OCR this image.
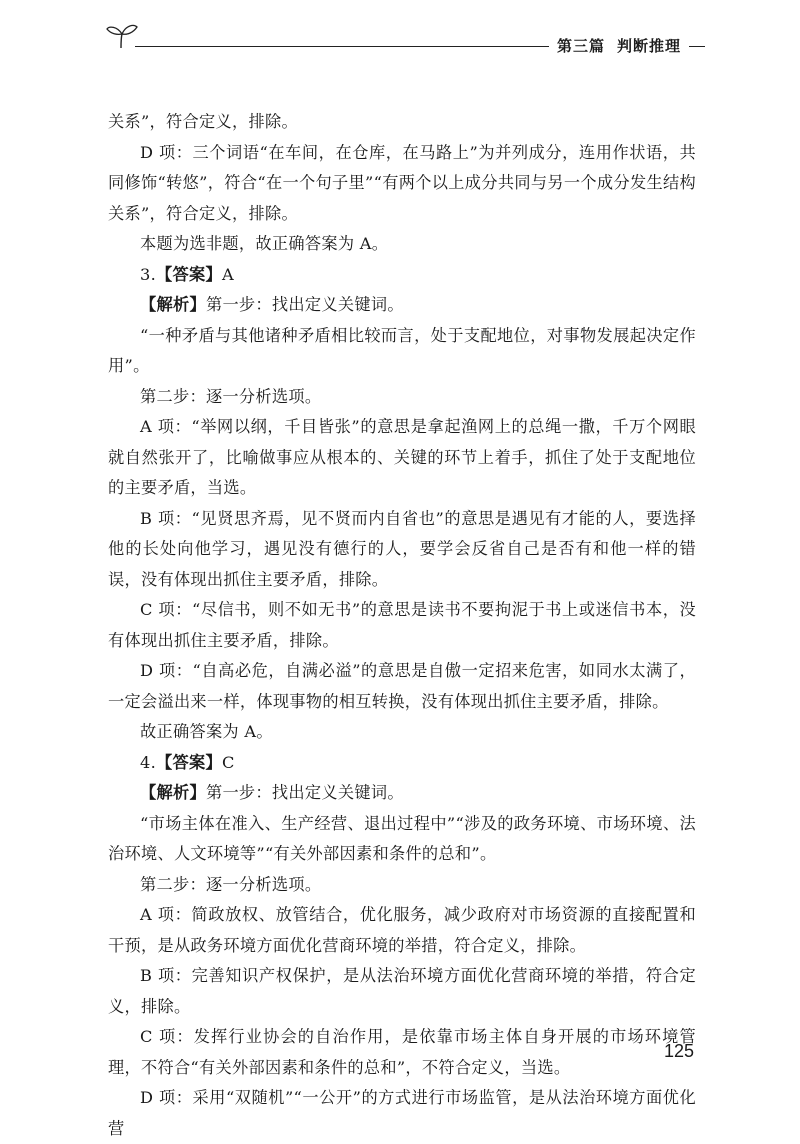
第三篇 判断推理

关系”，符合定义，排除。

D 项：三个词语“在车间，在仓库，在马路上”为并列成分，连用作状语，共同修饰“转悠”，符合“在一个句子里”“有两个以上成分共同与另一个成分发生结构关系”，符合定义，排除。

本题为选非题，故正确答案为 A。

3.【答案】A

【解析】第一步：找出定义关键词。

“一种矛盾与其他诸种矛盾相比较而言，处于支配地位，对事物发展起决定作用”。

第二步：逐一分析选项。

A 项：“举网以纲，千目皆张”的意思是拿起渔网上的总绳一撒，千万个网眼就自然张开了，比喻做事应从根本的、关键的环节上着手，抓住了处于支配地位的主要矛盾，当选。

B 项：“见贤思齐焉，见不贤而内自省也”的意思是遇见有才能的人，要选择他的长处向他学习，遇见没有德行的人，要学会反省自己是否有和他一样的错误，没有体现出抓住主要矛盾，排除。

C 项：“尽信书，则不如无书”的意思是读书不要拘泥于书上或迷信书本，没有体现出抓住主要矛盾，排除。

D 项：“自高必危，自满必溢”的意思是自傲一定招来危害，如同水太满了，一定会溢出来一样，体现事物的相互转换，没有体现出抓住主要矛盾，排除。

故正确答案为 A。

4.【答案】C

【解析】第一步：找出定义关键词。

“市场主体在准入、生产经营、退出过程中”“涉及的政务环境、市场环境、法治环境、人文环境等”“有关外部因素和条件的总和”。

第二步：逐一分析选项。

A 项：简政放权、放管结合，优化服务，减少政府对市场资源的直接配置和干预，是从政务环境方面优化营商环境的举措，符合定义，排除。

B 项：完善知识产权保护，是从法治环境方面优化营商环境的举措，符合定义，排除。

C 项：发挥行业协会的自治作用，是依靠市场主体自身开展的市场环境管理，不符合“有关外部因素和条件的总和”，不符合定义，当选。

D 项：采用“双随机”“一公开”的方式进行市场监管，是从法治环境方面优化营

125
